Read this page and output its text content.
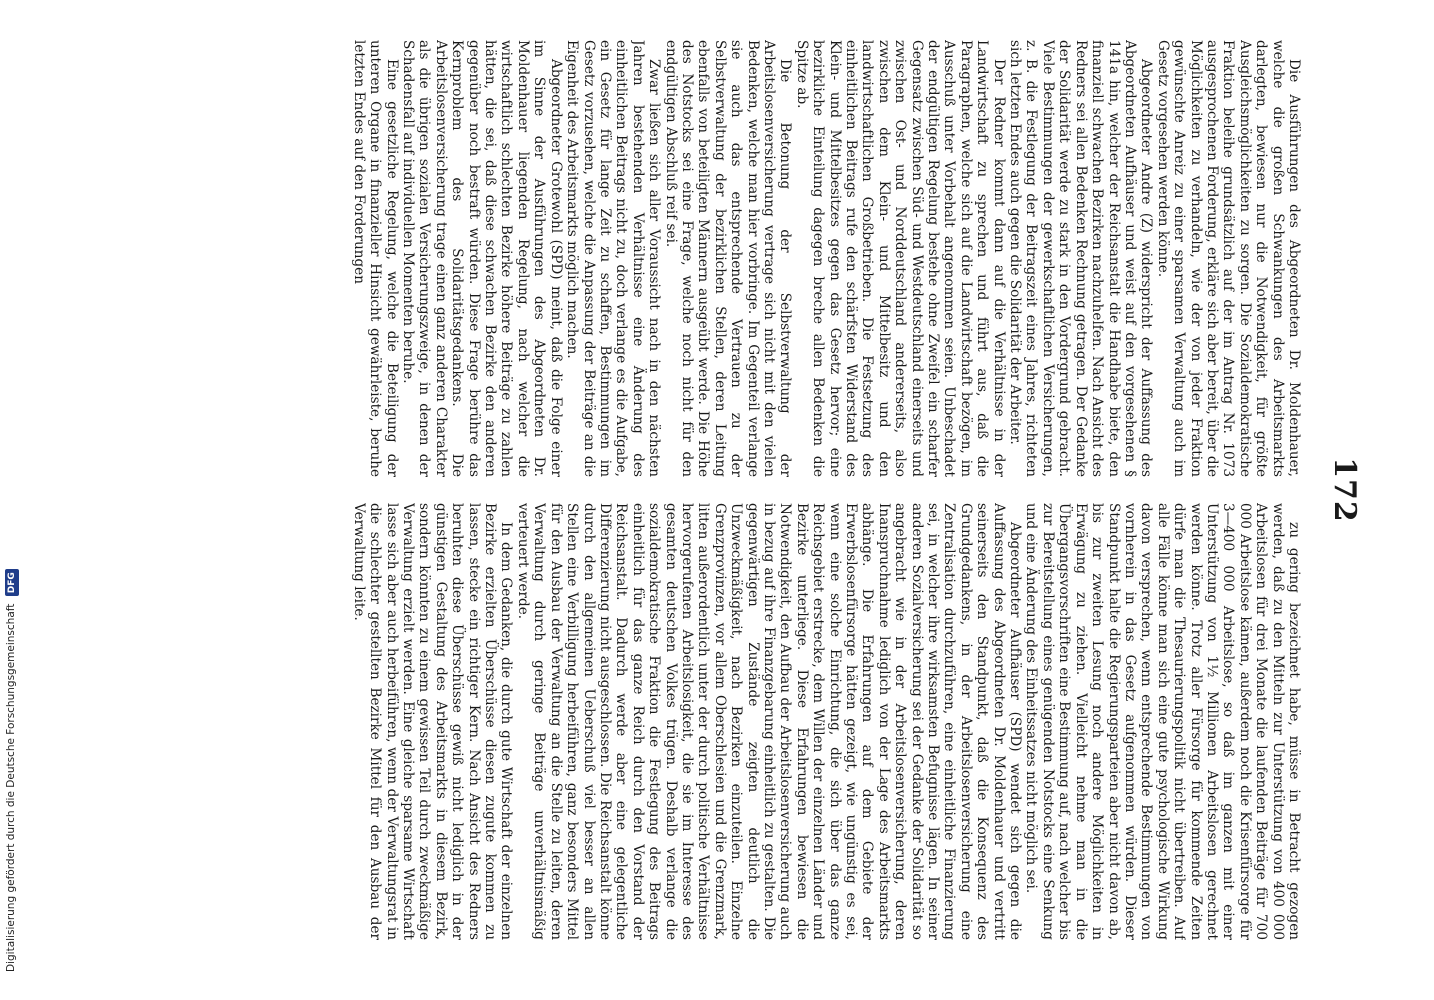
172

Die Ausführungen des Abgeordneten Dr. Moldenhauer, welche die großen Schwankungen des Arbeitsmarkts darlegten, bewiesen nur die Notwendigkeit, für größte Ausgleichsmöglichkeiten zu sorgen. Die Sozialdemokratische Fraktion beleihe grundsätzlich auf der im Antrag Nr. 1073 ausgesprochenen Forderung, erkläre sich aber bereit, über die Möglichkeiten zu verhandeln, wie der von jeder Fraktion gewünschte Anreiz zu einer sparsamen Verwaltung auch im Gesetz vorgesehen werden könne.

Abgeordneter Andre (Z) widerspricht der Auffassung des Abgeordneten Aufhäuser und weist auf den vorgesehenen § 141a hin, welcher der Reichsanstalt die Handhabe biete, den finanziell schwachen Bezirken nachzuhelfen. Nach Ansicht des Redners sei allen Bedenken Rechnung getragen. Der Gedanke der Solidarität werde zu stark in den Vordergrund gebracht. Viele Bestimmungen der gewerkschaftlichen Versicherungen, z. B. die Festlegung der Beitragszeit eines Jahres, richteten sich letzten Endes auch gegen die Solidarität der Arbeiter.

Der Redner kommt dann auf die Verhältnisse in der Landwirtschaft zu sprechen und führt aus, daß die Paragraphen, welche sich auf die Landwirtschaft bezögen, im Ausschuß unter Vorbehalt angenommen seien. Unbeschadet der endgültigen Regelung bestehe ohne Zweifel ein scharfer Gegensatz zwischen Süd- und Westdeutschland einerseits und zwischen Ost- und Norddeutschland andererseits, also zwischen dem Klein- und Mittelbesitz und den landwirtschaftlichen Großbetrieben. Die Festsetzung des einheitlichen Beitrags rufe den schärfsten Widerstand des Klein- und Mittelbesitzes gegen das Gesetz hervor; eine bezirkliche Einteilung dagegen breche allen Bedenken die Spitze ab.

Die Betonung der Selbstverwaltung der Arbeitslosenversicherung vertrage sich nicht mit den vielen Bedenken, welche man hier vorbringe. Im Gegenteil verlange sie auch das entsprechende Vertrauen zu der Selbstverwaltung der bezirklichen Stellen, deren Leitung ebenfalls von beteiligten Männern ausgeübt werde. Die Höhe des Notstocks sei eine Frage, welche noch nicht für den endgültigen Abschluß reif sei.

Zwar ließen sich aller Voraussicht nach in den nächsten Jahren bestehenden Verhältnisse eine Änderung des einheitlichen Beitrags nicht zu, doch verlange es die Aufgabe, ein Gesetz für lange Zeit zu schaffen, Bestimmungen im Gesetz vorzusehen, welche die Anpassung der Beiträge an die Eigenheit des Arbeitsmarkts möglich machen.

Abgeordneter Grotewohl (SPD) meint, daß die Folge einer im Sinne der Ausführungen des Abgeordneten Dr. Moldenhauer liegenden Regelung, nach welcher die wirtschaftlich schlechten Bezirke höhere Beiträge zu zahlen hätten, die sei, daß diese schwachen Bezirke den anderen gegenüber noch bestraft würden. Diese Frage berühre das Kernproblem des Solidaritätsgedankens. Die Arbeitslosenversicherung trage einen ganz anderen Charakter als die übrigen sozialen Versicherungszweige, in denen der Schadensfall auf individuellen Momenten beruhe.

Eine gesetzliche Regelung, welche die Beteiligung der unteren Organe in finanzieller Hinsicht gewährleiste, beruhe letzten Endes auf den Forderungen

zu gering bezeichnet habe, müsse in Betracht gezogen werden, daß zu den Mitteln zur Unterstützung von 400 000 Arbeitslosen für drei Monate die laufenden Beiträge für 700 000 Arbeitslose kämen, außerdem noch die Krisenfürsorge für 3—400 000 Arbeitslose, so daß im ganzen mit einer Unterstützung von 1½ Millionen Arbeitslosen gerechnet werden könne. Trotz aller Fürsorge für kommende Zeiten dürfe man die Thesaurierungspolitik nicht übertreiben. Auf alle Fälle könne man sich eine gute psychologische Wirkung davon versprechen, wenn entsprechende Bestimmungen von vornherein in das Gesetz aufgenommen würden. Dieser Standpunkt halte die Regierungsparteien aber nicht davon ab, bis zur zweiten Lesung noch andere Möglichkeiten in Erwägung zu ziehen. Vielleicht nehme man in die Übergangsvorschriften eine Bestimmung auf, nach welcher bis zur Bereitstellung eines genügenden Notstocks eine Senkung und eine Änderung des Einheitssatzes nicht möglich sei.

Abgeordneter Aufhäuser (SPD) wendet sich gegen die Auffassung des Abgeordneten Dr. Moldenhauer und vertritt seinerseits den Standpunkt, daß die Konsequenz des Grundgedankens, in der Arbeitslosenversicherung eine Zentralisation durchzuführen, eine einheitliche Finanzierung sei, in welcher ihre wirksamsten Befugnisse lägen. In seiner anderen Sozialversicherung sei der Gedanke der Solidarität so angebracht wie in der Arbeitslosenversicherung, deren Inanspruchnahme lediglich von der Lage des Arbeitsmarkts abhänge. Die Erfahrungen auf dem Gebiete der Erwerbslosenfürsorge hätten gezeigt, wie ungünstig es sei, wenn eine solche Einrichtung, die sich über das ganze Reichsgebiet erstrecke, dem Willen der einzelnen Länder und Bezirke unterliege. Diese Erfahrungen bewiesen die Notwendigkeit, den Aufbau der Arbeitslosenversicherung auch in bezug auf ihre Finanzgebarung einheitlich zu gestalten. Die gegenwärtigen Zustände zeigten deutlich die Unzweckmäßigkeit, nach Bezirken einzuteilen. Einzelne Grenzprovinzen, vor allem Oberschlesien und die Grenzmark, litten außerordentlich unter der durch politische Verhältnisse hervorgerufenen Arbeitslosigkeit, die sie im Interesse des gesamten deutschen Volkes trügen. Deshalb verlange die sozialdemokratische Fraktion die Festlegung des Beitrags einheitlich für das ganze Reich durch den Vorstand der Reichsanstalt. Dadurch werde aber eine gelegentliche Differenzierung nicht ausgeschlossen. Die Reichsanstalt könne durch den allgemeinen Ueberschuß viel besser an allen Stellen eine Verbilligung herbeiführen, ganz besonders Mittel für den Ausbau der Verwaltung an die Stelle zu leiten, deren Verwaltung durch geringe Beiträge unverhältnismäßig verteuert werde.

In dem Gedanken, die durch gute Wirtschaft der einzelnen Bezirke erzielten Überschüsse diesen zugute kommen zu lassen, stecke ein richtiger Kern. Nach Ansicht des Redners beruhten diese Überschüsse gewiß nicht lediglich in der günstigen Gestaltung des Arbeitsmarkts in diesem Bezirk, sondern könnten zu einem gewissen Teil durch zweckmäßige Verwaltung erzielt werden. Eine gleiche sparsame Wirtschaft lasse sich aber auch herbeiführen, wenn der Verwaltungsrat in die schlechter gestellten Bezirke Mittel für den Ausbau der Verwaltung leite.

Digitalisierung gefördert durch die Deutsche Forschungsgemeinschaft DFG
